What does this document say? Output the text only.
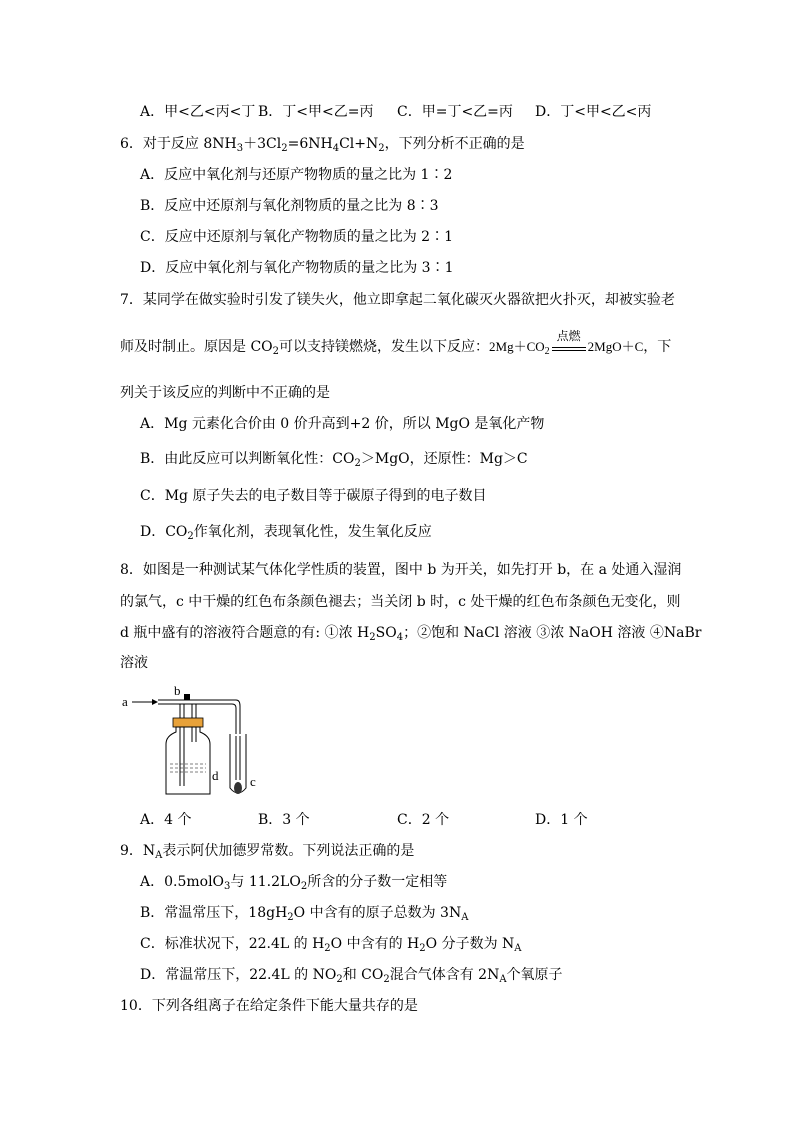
A．甲<乙<丙<丁 B．丁<甲<乙=丙 C．甲=丁<乙=丙 D．丁<甲<乙<丙
6．对于反应 $8NH_3+3Cl_2=6NH_4Cl+N_2$，下列分析不正确的是
A．反应中氧化剂与还原产物物质的量之比为 1∶2
B．反应中还原剂与氧化剂物质的量之比为 8∶3
C．反应中还原剂与氧化产物物质的量之比为 2∶1
D．反应中氧化剂与氧化产物物质的量之比为 3∶1
7．某同学在做实验时引发了镁失火，他立即拿起二氧化碳灭火器欲把火扑灭，却被实验老
师及时制止。原因是 $CO_2$可以支持镁燃烧，发生以下反应：$2Mg+CO_2$
点燃
2MgO＋C，下
列关于该反应的判断中不正确的是
A．Mg 元素化合价由 0 价升高到+2 价，所以 MgO 是氧化产物
B．由此反应可以判断氧化性：$CO_2>MgO$，还原性：Mg＞C
C．Mg 原子失去的电子数目等于碳原子得到的电子数目
D．$CO_2$作氧化剂，表现氧化性，发生氧化反应
8．如图是一种测试某气体化学性质的装置，图中 b 为开关，如先打开 b，在 a 处通入湿润
的氯气，c 中干燥的红色布条颜色褪去；当关闭 b 时，c 处干燥的红色布条颜色无变化，则
d 瓶中盛有的溶液符合题意的有: ①浓 $H_2SO_4$；②饱和 NaCl 溶液 ③浓 NaOH 溶液 ④NaBr
溶液
a
b
d c
A．4 个	B．3 个	C．2 个	D．1 个
9．$N_A$表示阿伏加德罗常数。下列说法正确的是
A．0.5molO$_3$与 $11.2LO_2$所含的分子数一定相等
B．常温常压下，$18gH_2O$ 中含有的原子总数为 $3N_A$
C．标准状况下，22.4L 的 $H_2O$ 中含有的 $H_2O$ 分子数为 $N_A$
D．常温常压下，22.4L 的 $NO_2$和 $CO_2$混合气体含有 $2N_A$个氧原子
10．下列各组离子在给定条件下能大量共存的是
